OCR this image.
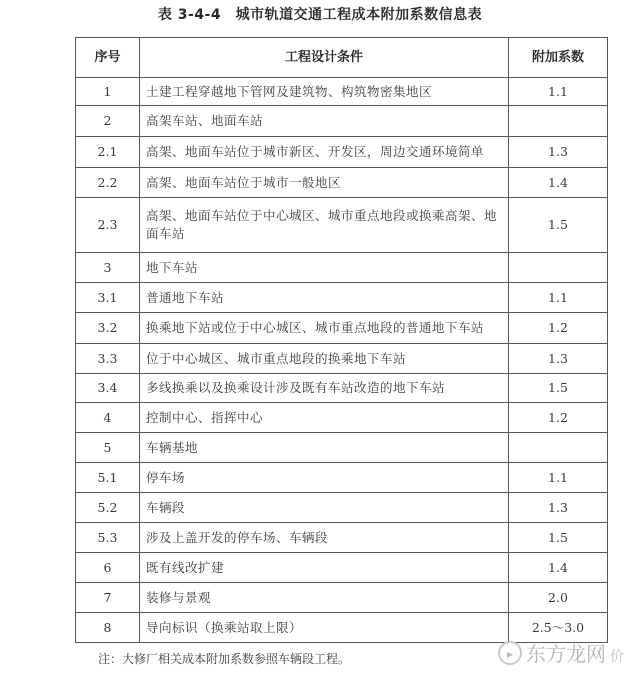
表 3-4-4　城市轨道交通工程成本附加系数信息表
序号	工程设计条件	附加系数
1	土建工程穿越地下管网及建筑物、构筑物密集地区	1.1
2	高架车站、地面车站	
2.1	高架、地面车站位于城市新区、开发区，周边交通环境简单	1.3
2.2	高架、地面车站位于城市一般地区	1.4
2.3	高架、地面车站位于中心城区、城市重点地段或换乘高架、地面车站	1.5
3	地下车站	
3.1	普通地下车站	1.1
3.2	换乘地下站或位于中心城区、城市重点地段的普通地下车站	1.2
3.3	位于中心城区、城市重点地段的换乘地下车站	1.3
3.4	多线换乘以及换乘设计涉及既有车站改造的地下车站	1.5
4	控制中心、指挥中心	1.2
5	车辆基地	
5.1	停车场	1.1
5.2	车辆段	1.3
5.3	涉及上盖开发的停车场、车辆段	1.5
6	既有线改扩建	1.4
7	装修与景观	2.0
8	导向标识（换乘站取上限）	2.5～3.0
注：大修厂相关成本附加系数参照车辆段工程。	▸ 东方龙网 价
